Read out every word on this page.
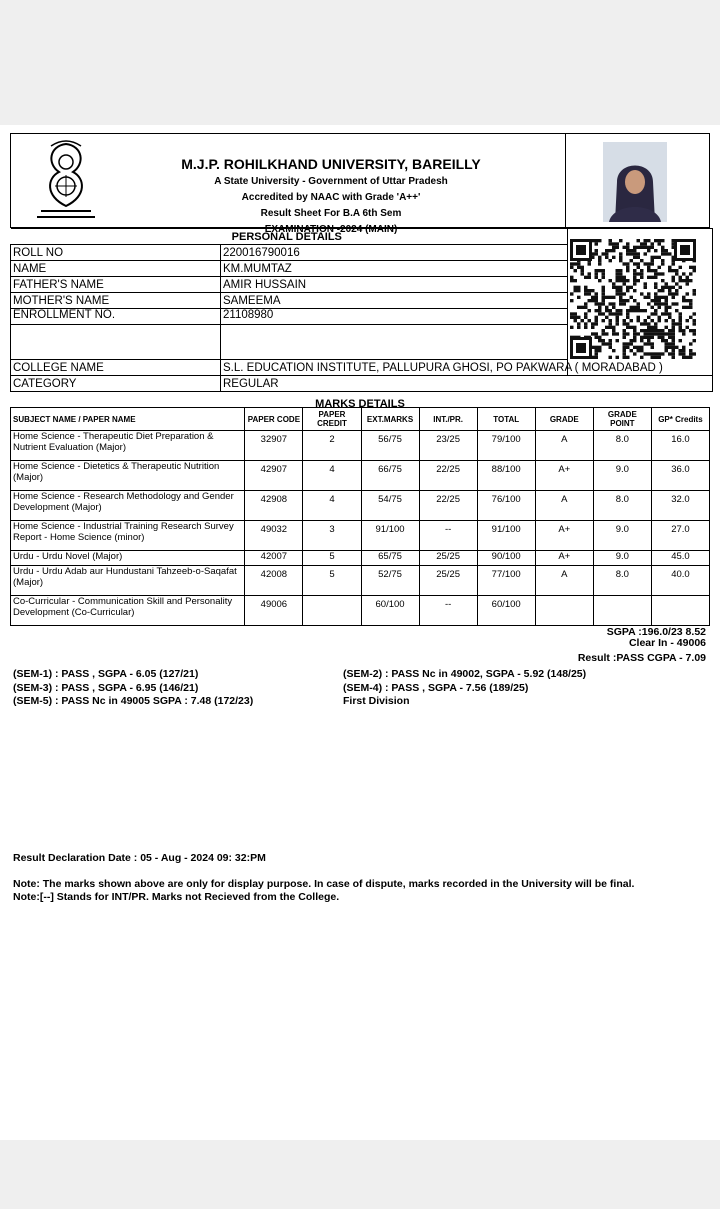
M.J.P. ROHILKHAND UNIVERSITY, BAREILLY
A State University - Government of Uttar Pradesh
Accredited by NAAC with Grade 'A++'
Result Sheet For B.A 6th Sem
EXAMINATION -2024 (MAIN)
	PERSONAL DETAILS	
ROLL NO	220016790016	
NAME	KM.MUMTAZ	
FATHER'S NAME	AMIR HUSSAIN	
MOTHER'S NAME	SAMEEMA	
ENROLLMENT NO.	21108980	

COLLEGE NAME	S.L. EDUCATION INSTITUTE, PALLUPURA GHOSI, PO PAKWARA ( MORADABAD )	
CATEGORY	REGULAR	
MARKS DETAILS
SUBJECT NAME / PAPER NAME	PAPER CODE	PAPER CREDIT	EXT.MARKS	INT./PR.	TOTAL	GRADE	GRADE POINT	GP* Credits
Home Science - Therapeutic Diet Preparation & Nutrient Evaluation (Major)	32907	2	56/75	23/25	79/100	A	8.0	16.0
Home Science - Dietetics & Therapeutic Nutrition (Major)	42907	4	66/75	22/25	88/100	A+	9.0	36.0
Home Science - Research Methodology and Gender Development (Major)	42908	4	54/75	22/25	76/100	A	8.0	32.0
Home Science - Industrial Training Research Survey Report - Home Science (minor)	49032	3	91/100	--	91/100	A+	9.0	27.0
Urdu - Urdu Novel (Major)	42007	5	65/75	25/25	90/100	A+	9.0	45.0
Urdu - Urdu Adab aur Hundustani Tahzeeb-o-Saqafat (Major)	42008	5	52/75	25/25	77/100	A	8.0	40.0
Co-Curricular - Communication Skill and Personality Development (Co-Curricular)	49006		60/100	--	60/100			
SGPA :196.0/23 8.52
Clear In - 49006
Result :PASS CGPA - 7.09
(SEM-1) : PASS , SGPA - 6.05 (127/21)
(SEM-3) : PASS , SGPA - 6.95 (146/21)
(SEM-5) : PASS Nc in 49005 SGPA : 7.48 (172/23)
(SEM-2) : PASS Nc in 49002, SGPA - 5.92 (148/25)
(SEM-4) : PASS , SGPA - 7.56 (189/25)
First Division
Result Declaration Date : 05 - Aug - 2024 09: 32:PM
Note: The marks shown above are only for display purpose. In case of dispute, marks recorded in the University will be final.
Note:[--] Stands for INT/PR. Marks not Recieved from the College.
